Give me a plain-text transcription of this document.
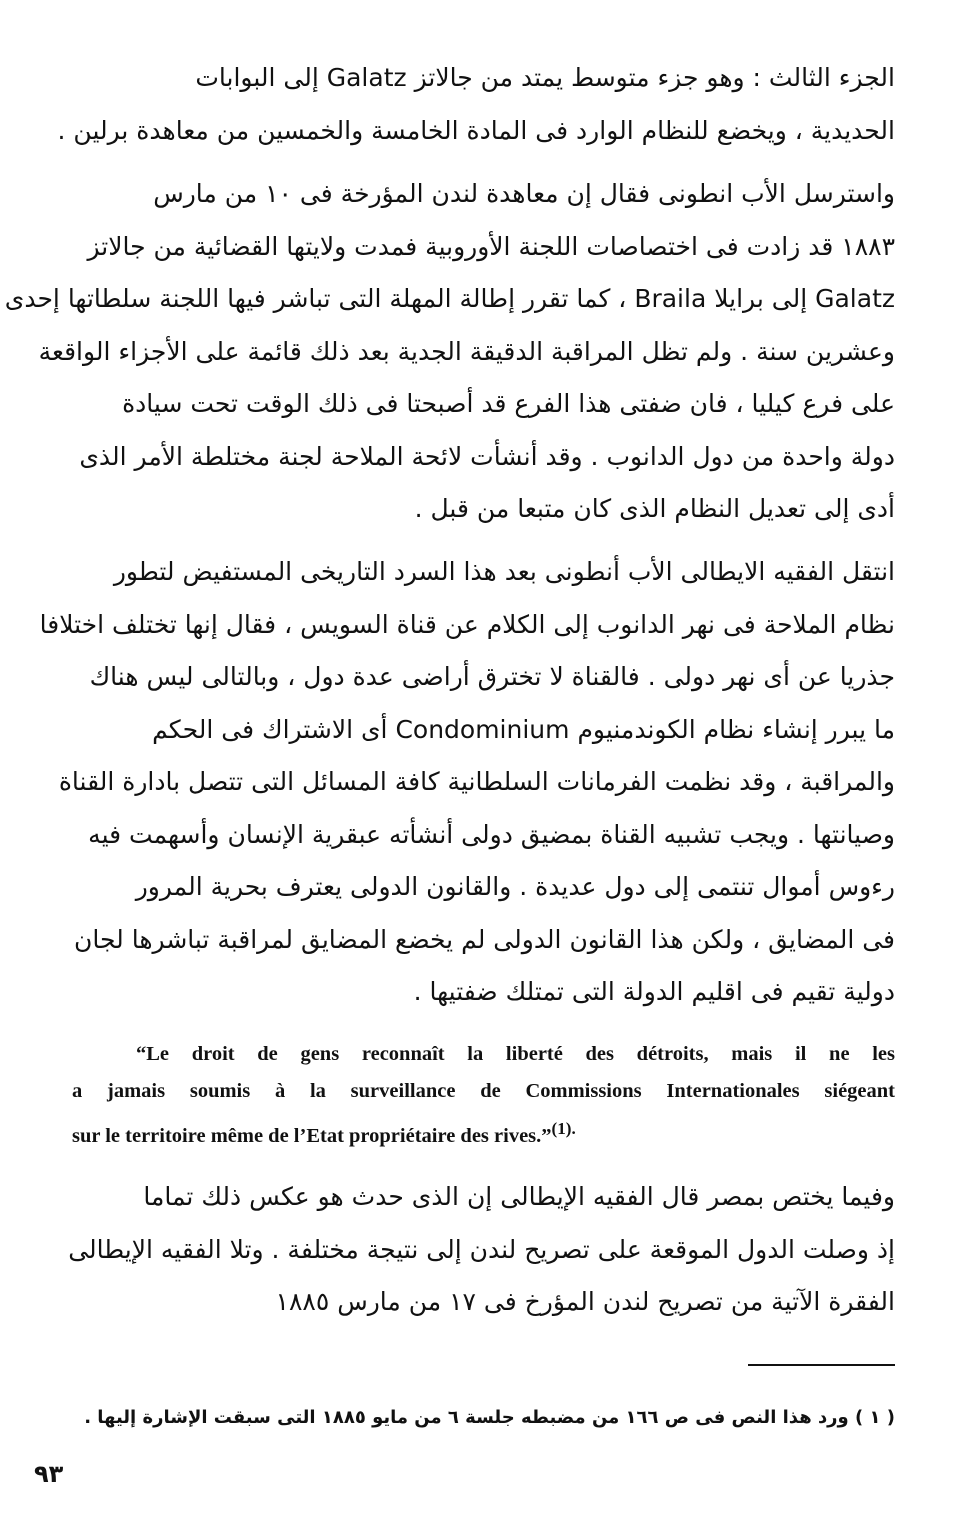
الجزء الثالث : وهو جزء متوسط يمتد من جالاتز Galatz إلى البوابات
الحديدية ، ويخضع للنظام الوارد فى المادة الخامسة والخمسين من معاهدة برلين .
واسترسل الأب انطونى فقال إن معاهدة لندن المؤرخة فى ١٠ من مارس
١٨٨٣ قد زادت فى اختصاصات اللجنة الأوروبية فمدت ولايتها القضائية من جالاتز
Galatz إلى برايلا Braila ، كما تقرر إطالة المهلة التى تباشر فيها اللجنة سلطاتها إحدى
وعشرين سنة . ولم تظل المراقبة الدقيقة الجدية بعد ذلك قائمة على الأجزاء الواقعة
على فرع كيليا ، فان ضفتى هذا الفرع قد أصبحتا فى ذلك الوقت تحت سيادة
دولة واحدة من دول الدانوب . وقد أنشأت لائحة الملاحة لجنة مختلطة الأمر الذى
أدى إلى تعديل النظام الذى كان متبعا من قبل .
انتقل الفقيه الايطالى الأب أنطونى بعد هذا السرد التاريخى المستفيض لتطور
نظام الملاحة فى نهر الدانوب إلى الكلام عن قناة السويس ، فقال إنها تختلف اختلافا
جذريا عن أى نهر دولى . فالقناة لا تخترق أراضى عدة دول ، وبالتالى ليس هناك
ما يبرر إنشاء نظام الكوندمنيوم Condominium أى الاشتراك فى الحكم
والمراقبة ، وقد نظمت الفرمانات السلطانية كافة المسائل التى تتصل بادارة القناة
وصيانتها . ويجب تشبيه القناة بمضيق دولى أنشأته عبقرية الإنسان وأسهمت فيه
رءوس أموال تنتمى إلى دول عديدة . والقانون الدولى يعترف بحرية المرور
فى المضايق ، ولكن هذا القانون الدولى لم يخضع المضايق لمراقبة تباشرها لجان
دولية تقيم فى اقليم الدولة التى تمتلك ضفتيها .
“Le droit de gens reconnaît la liberté des détroits, mais il ne les
a jamais soumis à la surveillance de Commissions Internationales siégeant
sur le territoire même de l’Etat propriétaire des rives.”$^{(1).}$
وفيما يختص بمصر قال الفقيه الإيطالى إن الذى حدث هو عكس ذلك تماما
إذ وصلت الدول الموقعة على تصريح لندن إلى نتيجة مختلفة . وتلا الفقيه الإيطالى
الفقرة الآتية من تصريح لندن المؤرخ فى ١٧ من مارس ١٨٨٥

( ١ ) ورد هذا النص فى ص ١٦٦ من مضبطه جلسة ٦ من مايو ١٨٨٥ التى سبقت الإشارة إليها .

٩٣
